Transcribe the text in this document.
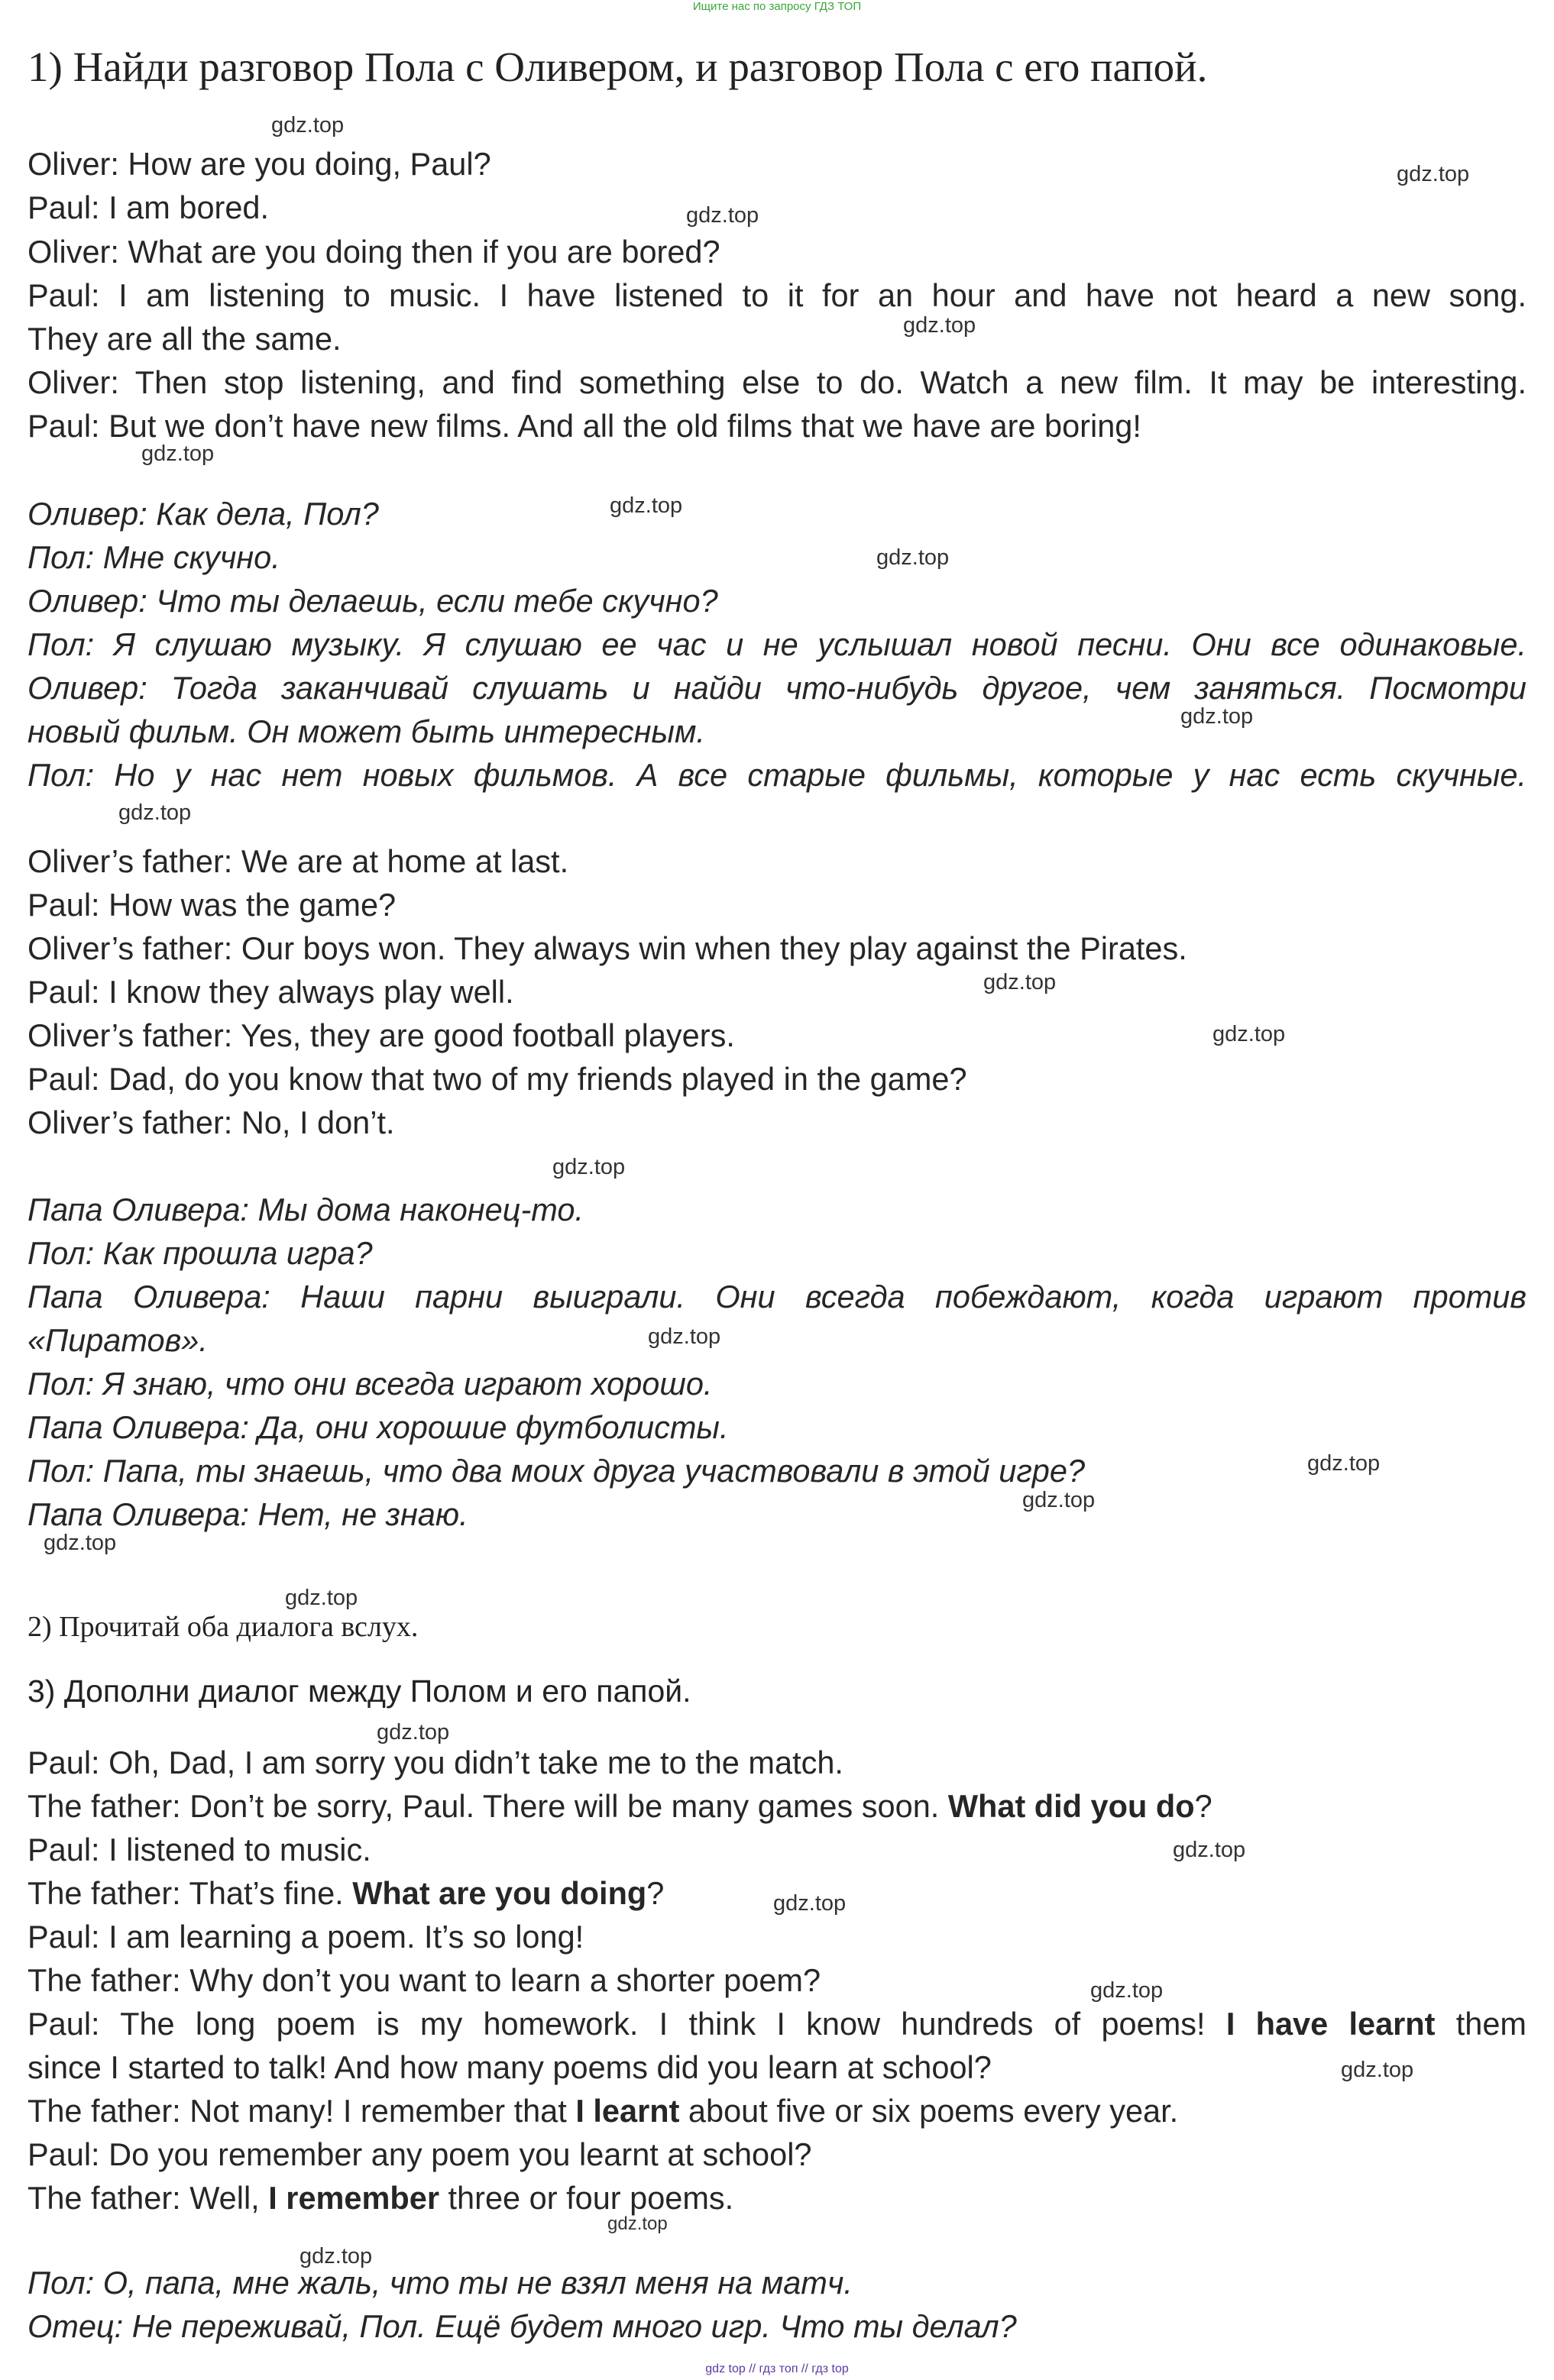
Ищите нас по запросу ГДЗ ТОП
1) Найди разговор Пола с Оливером, и разговор Пола с его папой.
Oliver: How are you doing, Paul?
Paul: I am bored.
Oliver: What are you doing then if you are bored?
Paul: I am listening to music. I have listened to it for an hour and have not heard a new song.
They are all the same.
Oliver: Then stop listening, and find something else to do. Watch a new film. It may be interesting.
Paul: But we don’t have new films. And all the old films that we have are boring!
Оливер: Как дела, Пол?
Пол: Мне скучно.
Оливер: Что ты делаешь, если тебе скучно?
Пол: Я слушаю музыку. Я слушаю ее час и не услышал новой песни. Они все одинаковые.
Оливер: Тогда заканчивай слушать и найди что-нибудь другое, чем заняться. Посмотри
новый фильм. Он может быть интересным.
Пол: Но у нас нет новых фильмов. А все старые фильмы, которые у нас есть скучные.
Oliver’s father: We are at home at last.
Paul: How was the game?
Oliver’s father: Our boys won. They always win when they play against the Pirates.
Paul: I know they always play well.
Oliver’s father: Yes, they are good football players.
Paul: Dad, do you know that two of my friends played in the game?
Oliver’s father: No, I don’t.
Папа Оливера: Мы дома наконец-то.
Пол: Как прошла игра?
Папа Оливера: Наши парни выиграли. Они всегда побеждают, когда играют против
«Пиратов».
Пол: Я знаю, что они всегда играют хорошо.
Папа Оливера: Да, они хорошие футболисты.
Пол: Папа, ты знаешь, что два моих друга участвовали в этой игре?
Папа Оливера: Нет, не знаю.
2) Прочитай оба диалога вслух.
3) Дополни диалог между Полом и его папой.
Paul: Oh, Dad, I am sorry you didn’t take me to the match.
The father: Don’t be sorry, Paul. There will be many games soon. What did you do?
Paul: I listened to music.
The father: That’s fine. What are you doing?
Paul: I am learning a poem. It’s so long!
The father: Why don’t you want to learn a shorter poem?
Paul: The long poem is my homework. I think I know hundreds of poems! I have learnt them
since I started to talk! And how many poems did you learn at school?
The father: Not many! I remember that I learnt about five or six poems every year.
Paul: Do you remember any poem you learnt at school?
The father: Well, I remember three or four poems.
Пол: О, папа, мне жаль, что ты не взял меня на матч.
Отец: Не переживай, Пол. Ещё будет много игр. Что ты делал?
gdz.top
gdz.top
gdz.top
gdz.top
gdz.top
gdz.top
gdz.top
gdz.top
gdz.top
gdz.top
gdz.top
gdz.top
gdz.top
gdz.top
gdz.top
gdz.top
gdz.top
gdz.top
gdz.top
gdz.top
gdz.top
gdz.top
gdz.top
gdz.top
gdz top // гдз топ // гдз top
